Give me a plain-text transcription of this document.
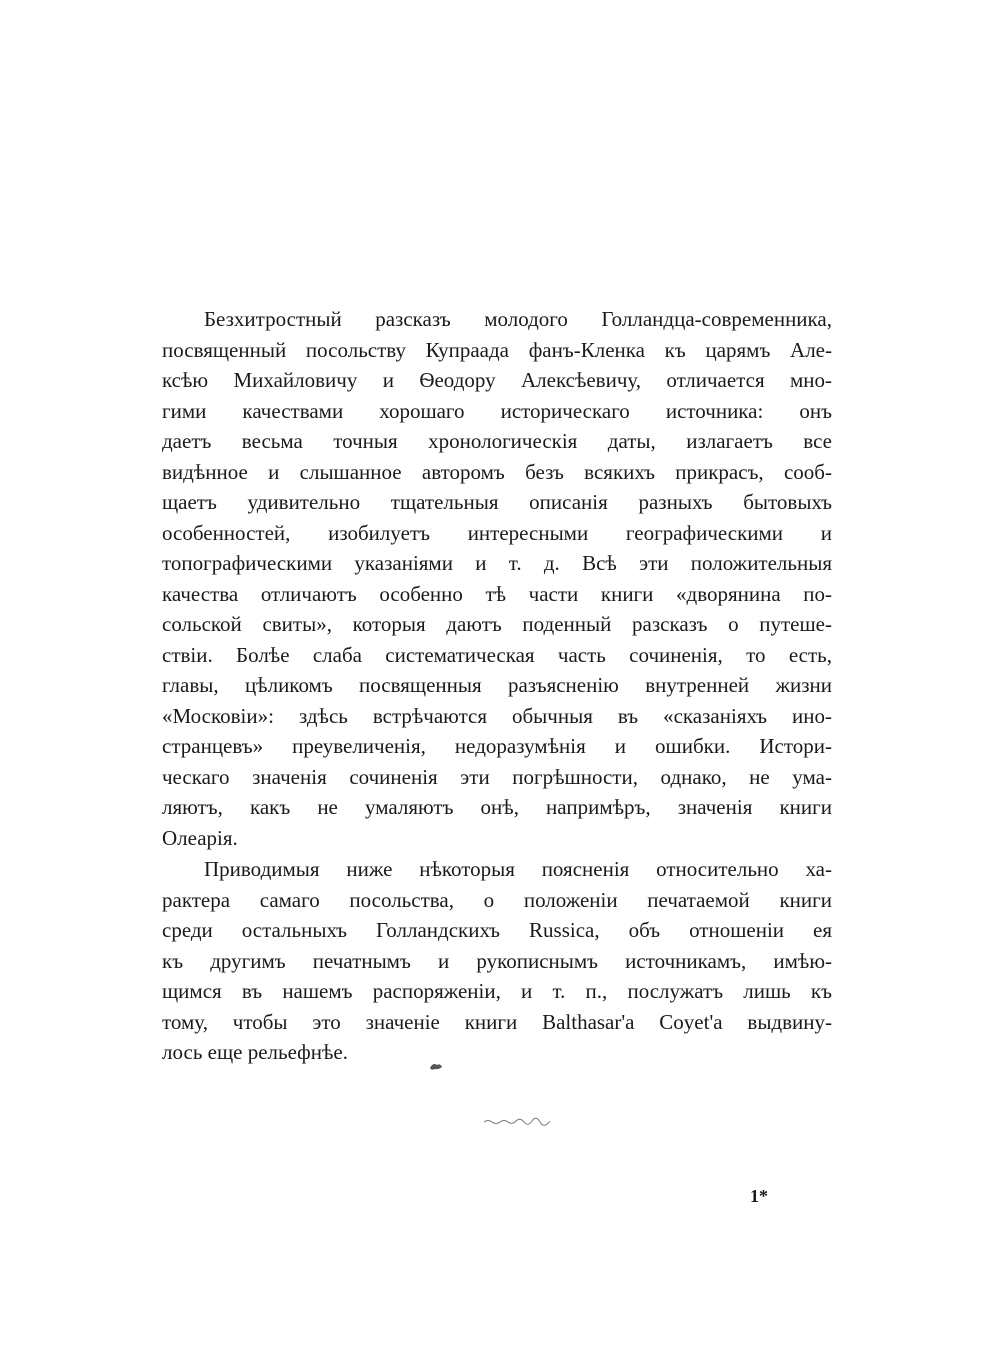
Безхитростный разсказъ молодого Голландца-современника,
посвященный посольству Купраада фанъ-Кленка къ царямъ Але-
ксѣю Михайловичу и Ѳеодору Алексѣевичу, отличается мно-
гими качествами хорошаго историческаго источника: онъ
даетъ весьма точныя хронологическія даты, излагаетъ все
видѣнное и слышанное авторомъ безъ всякихъ прикрасъ, сооб-
щаетъ удивительно тщательныя описанія разныхъ бытовыхъ
особенностей, изобилуетъ интересными географическими и
топографическими указаніями и т. д. Всѣ эти положительныя
качества отличаютъ особенно тѣ части книги «дворянина по-
сольской свиты», которыя даютъ поденный разсказъ о путеше-
ствіи. Болѣе слаба систематическая часть сочиненія, то есть,
главы, цѣликомъ посвященныя разъясненію внутренней жизни
«Московіи»: здѣсь встрѣчаются обычныя въ «сказаніяхъ ино-
странцевъ» преувеличенія, недоразумѣнія и ошибки. Истори-
ческаго значенія сочиненія эти погрѣшности, однако, не ума-
ляютъ, какъ не умаляютъ онѣ, напримѣръ, значенія книги
Олеарія.
Приводимыя ниже нѣкоторыя поясненія относительно ха-
рактера самаго посольства, о положеніи печатаемой книги
среди остальныхъ Голландскихъ Russica, объ отношеніи ея
къ другимъ печатнымъ и рукописнымъ источникамъ, имѣю-
щимся въ нашемъ распоряженіи, и т. п., послужатъ лишь къ
тому, чтобы это значеніе книги Balthasar'a Coyet'a выдвину-
лось еще рельефнѣе.
1*
